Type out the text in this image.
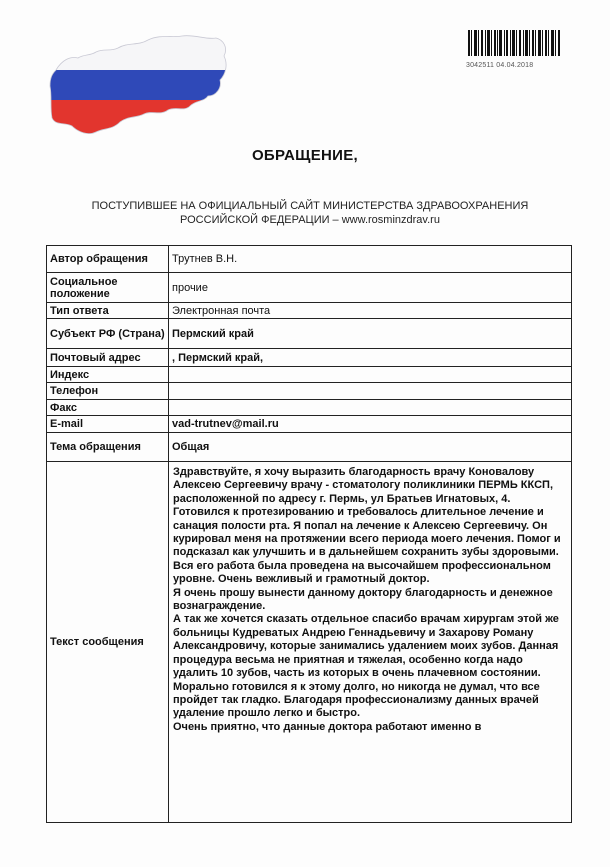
3042511 04.04.2018
ОБРАЩЕНИЕ,
ПОСТУПИВШЕЕ НА ОФИЦИАЛЬНЫЙ САЙТ МИНИСТЕРСТВА ЗДРАВООХРАНЕНИЯ
РОССИЙСКОЙ ФЕДЕРАЦИИ – www.rosminzdrav.ru
Автор обращения	Трутнев В.Н.
Социальное положение	прочие
Тип ответа	Электронная почта
Субъект РФ (Страна)	Пермский край
Почтовый адрес	, Пермский край,
Индекс	
Телефон	
Факс	
E-mail	vad-trutnev@mail.ru
Тема обращения	Общая
Текст сообщения	Здравствуйте, я хочу выразить благодарность врачу Коновалову Алексею Сергеевичу врачу - стоматологу поликлиники ПЕРМЬ ККСП, расположенной по адресу г. Пермь, ул Братьев Игнатовых, 4. Готовился к протезированию и требовалось длительное лечение и санация полости рта. Я попал на лечение к Алексею Сергеевичу. Он курировал меня на протяжении всего периода моего лечения. Помог и подсказал как улучшить и в дальнейшем сохранить зубы здоровыми. Вся его работа была проведена на высочайшем профессиональном уровне. Очень вежливый и грамотный доктор.

Я очень прошу вынести данному доктору благодарность и денежное вознаграждение.

А так же хочется сказать отдельное спасибо врачам хирургам этой же больницы Кудреватых Андрею Геннадьевичу и Захарову Роману Александровичу, которые занимались удалением моих зубов. Данная процедура весьма не приятная и тяжелая, особенно когда надо удалить 10 зубов, часть из которых в очень плачевном состоянии. Морально готовился я к этому долго, но никогда не думал, что все пройдет так гладко. Благодаря профессионализму данных врачей удаление прошло легко и быстро.

Очень приятно, что данные доктора работают именно в
